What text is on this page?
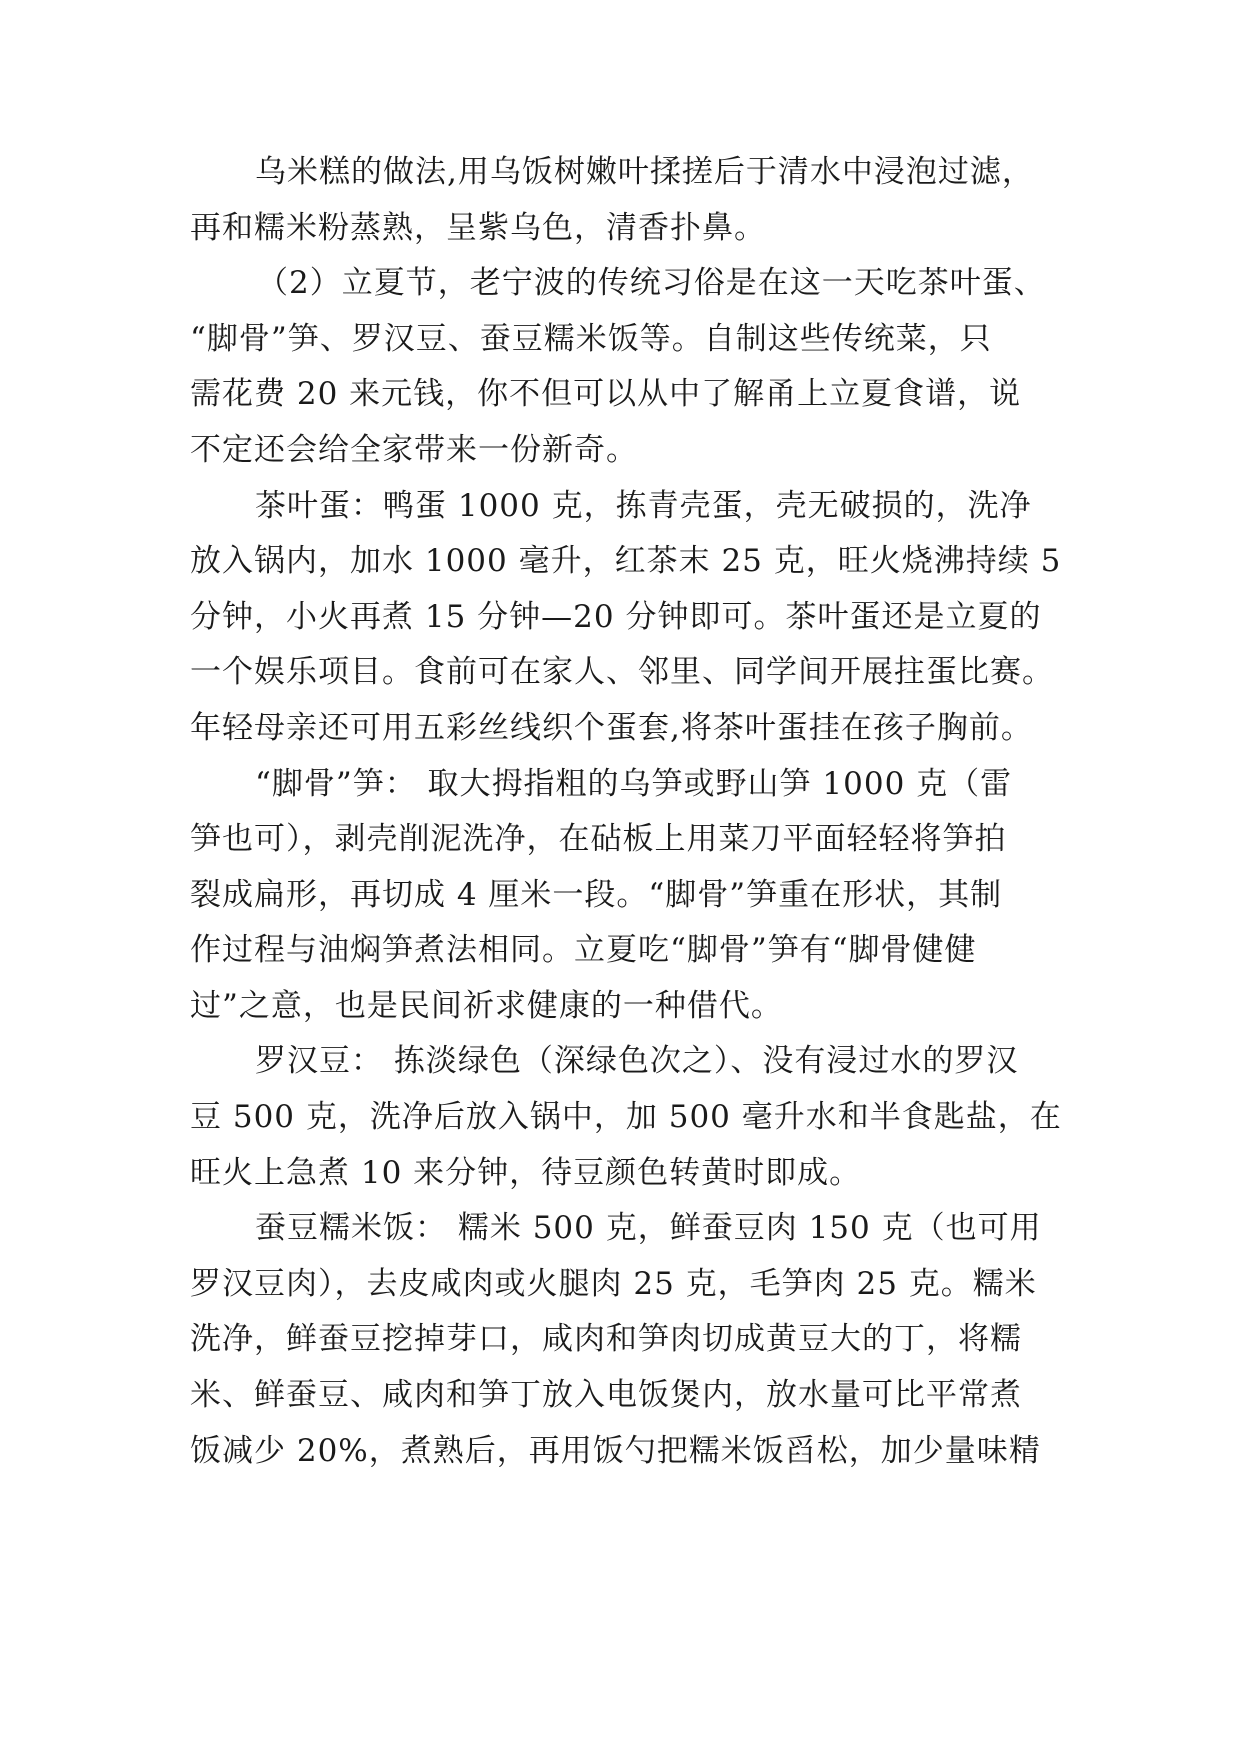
乌米糕的做法,用乌饭树嫩叶揉搓后于清水中浸泡过滤，
再和糯米粉蒸熟，呈紫乌色，清香扑鼻。
（2）立夏节，老宁波的传统习俗是在这一天吃茶叶蛋、
“脚骨”笋、罗汉豆、蚕豆糯米饭等。自制这些传统菜，只
需花费 20 来元钱，你不但可以从中了解甬上立夏食谱，说
不定还会给全家带来一份新奇。
茶叶蛋：鸭蛋 1000 克，拣青壳蛋，壳无破损的，洗净
放入锅内，加水 1000 毫升，红茶末 25 克，旺火烧沸持续 5
分钟，小火再煮 15 分钟—20 分钟即可。茶叶蛋还是立夏的
一个娱乐项目。食前可在家人、邻里、同学间开展拄蛋比赛。
年轻母亲还可用五彩丝线织个蛋套,将茶叶蛋挂在孩子胸前。
“脚骨”笋： 取大拇指粗的乌笋或野山笋 1000 克（雷
笋也可），剥壳削泥洗净，在砧板上用菜刀平面轻轻将笋拍
裂成扁形，再切成 4 厘米一段。“脚骨”笋重在形状，其制
作过程与油焖笋煮法相同。立夏吃“脚骨”笋有“脚骨健健
过”之意，也是民间祈求健康的一种借代。
罗汉豆： 拣淡绿色（深绿色次之）、没有浸过水的罗汉
豆 500 克，洗净后放入锅中，加 500 毫升水和半食匙盐，在
旺火上急煮 10 来分钟，待豆颜色转黄时即成。
蚕豆糯米饭： 糯米 500 克，鲜蚕豆肉 150 克（也可用
罗汉豆肉），去皮咸肉或火腿肉 25 克，毛笋肉 25 克。糯米
洗净，鲜蚕豆挖掉芽口，咸肉和笋肉切成黄豆大的丁，将糯
米、鲜蚕豆、咸肉和笋丁放入电饭煲内，放水量可比平常煮
饭减少 20%，煮熟后，再用饭勺把糯米饭舀松，加少量味精
